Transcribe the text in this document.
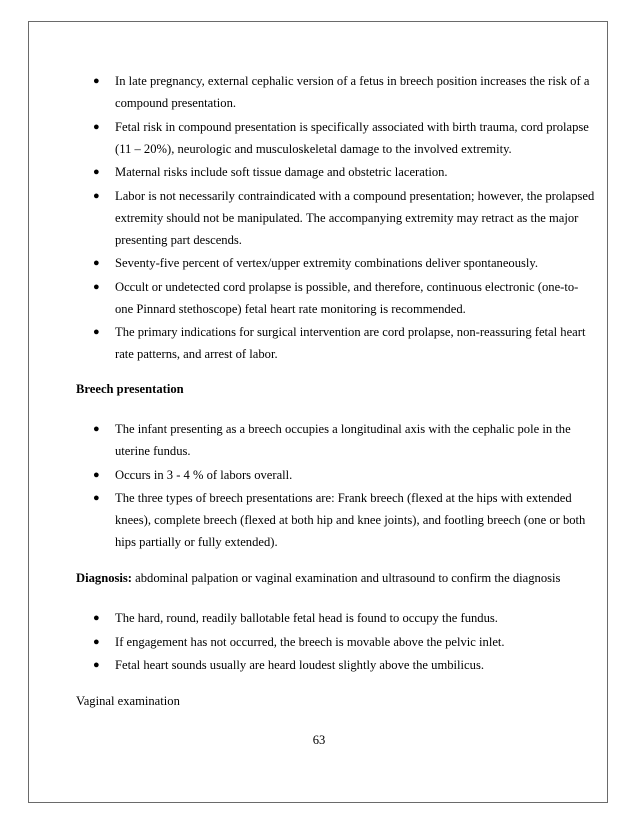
● In late pregnancy, external cephalic version of a fetus in breech position increases the risk of a compound presentation.
● Fetal risk in compound presentation is specifically associated with birth trauma, cord prolapse (11 – 20%), neurologic and musculoskeletal damage to the involved extremity.
● Maternal risks include soft tissue damage and obstetric laceration.
● Labor is not necessarily contraindicated with a compound presentation; however, the prolapsed extremity should not be manipulated. The accompanying extremity may retract as the major presenting part descends.
● Seventy-five percent of vertex/upper extremity combinations deliver spontaneously.
● Occult or undetected cord prolapse is possible, and therefore, continuous electronic (one-to-one Pinnard stethoscope) fetal heart rate monitoring is recommended.
● The primary indications for surgical intervention are cord prolapse, non-reassuring fetal heart rate patterns, and arrest of labor.
Breech presentation
● The infant presenting as a breech occupies a longitudinal axis with the cephalic pole in the uterine fundus.
● Occurs in 3 - 4 % of labors overall.
● The three types of breech presentations are: Frank breech (flexed at the hips with extended knees), complete breech (flexed at both hip and knee joints), and footling breech (one or both hips partially or fully extended).
Diagnosis: abdominal palpation or vaginal examination and ultrasound to confirm the diagnosis
● The hard, round, readily ballotable fetal head is found to occupy the fundus.
● If engagement has not occurred, the breech is movable above the pelvic inlet.
● Fetal heart sounds usually are heard loudest slightly above the umbilicus.
Vaginal examination
63
